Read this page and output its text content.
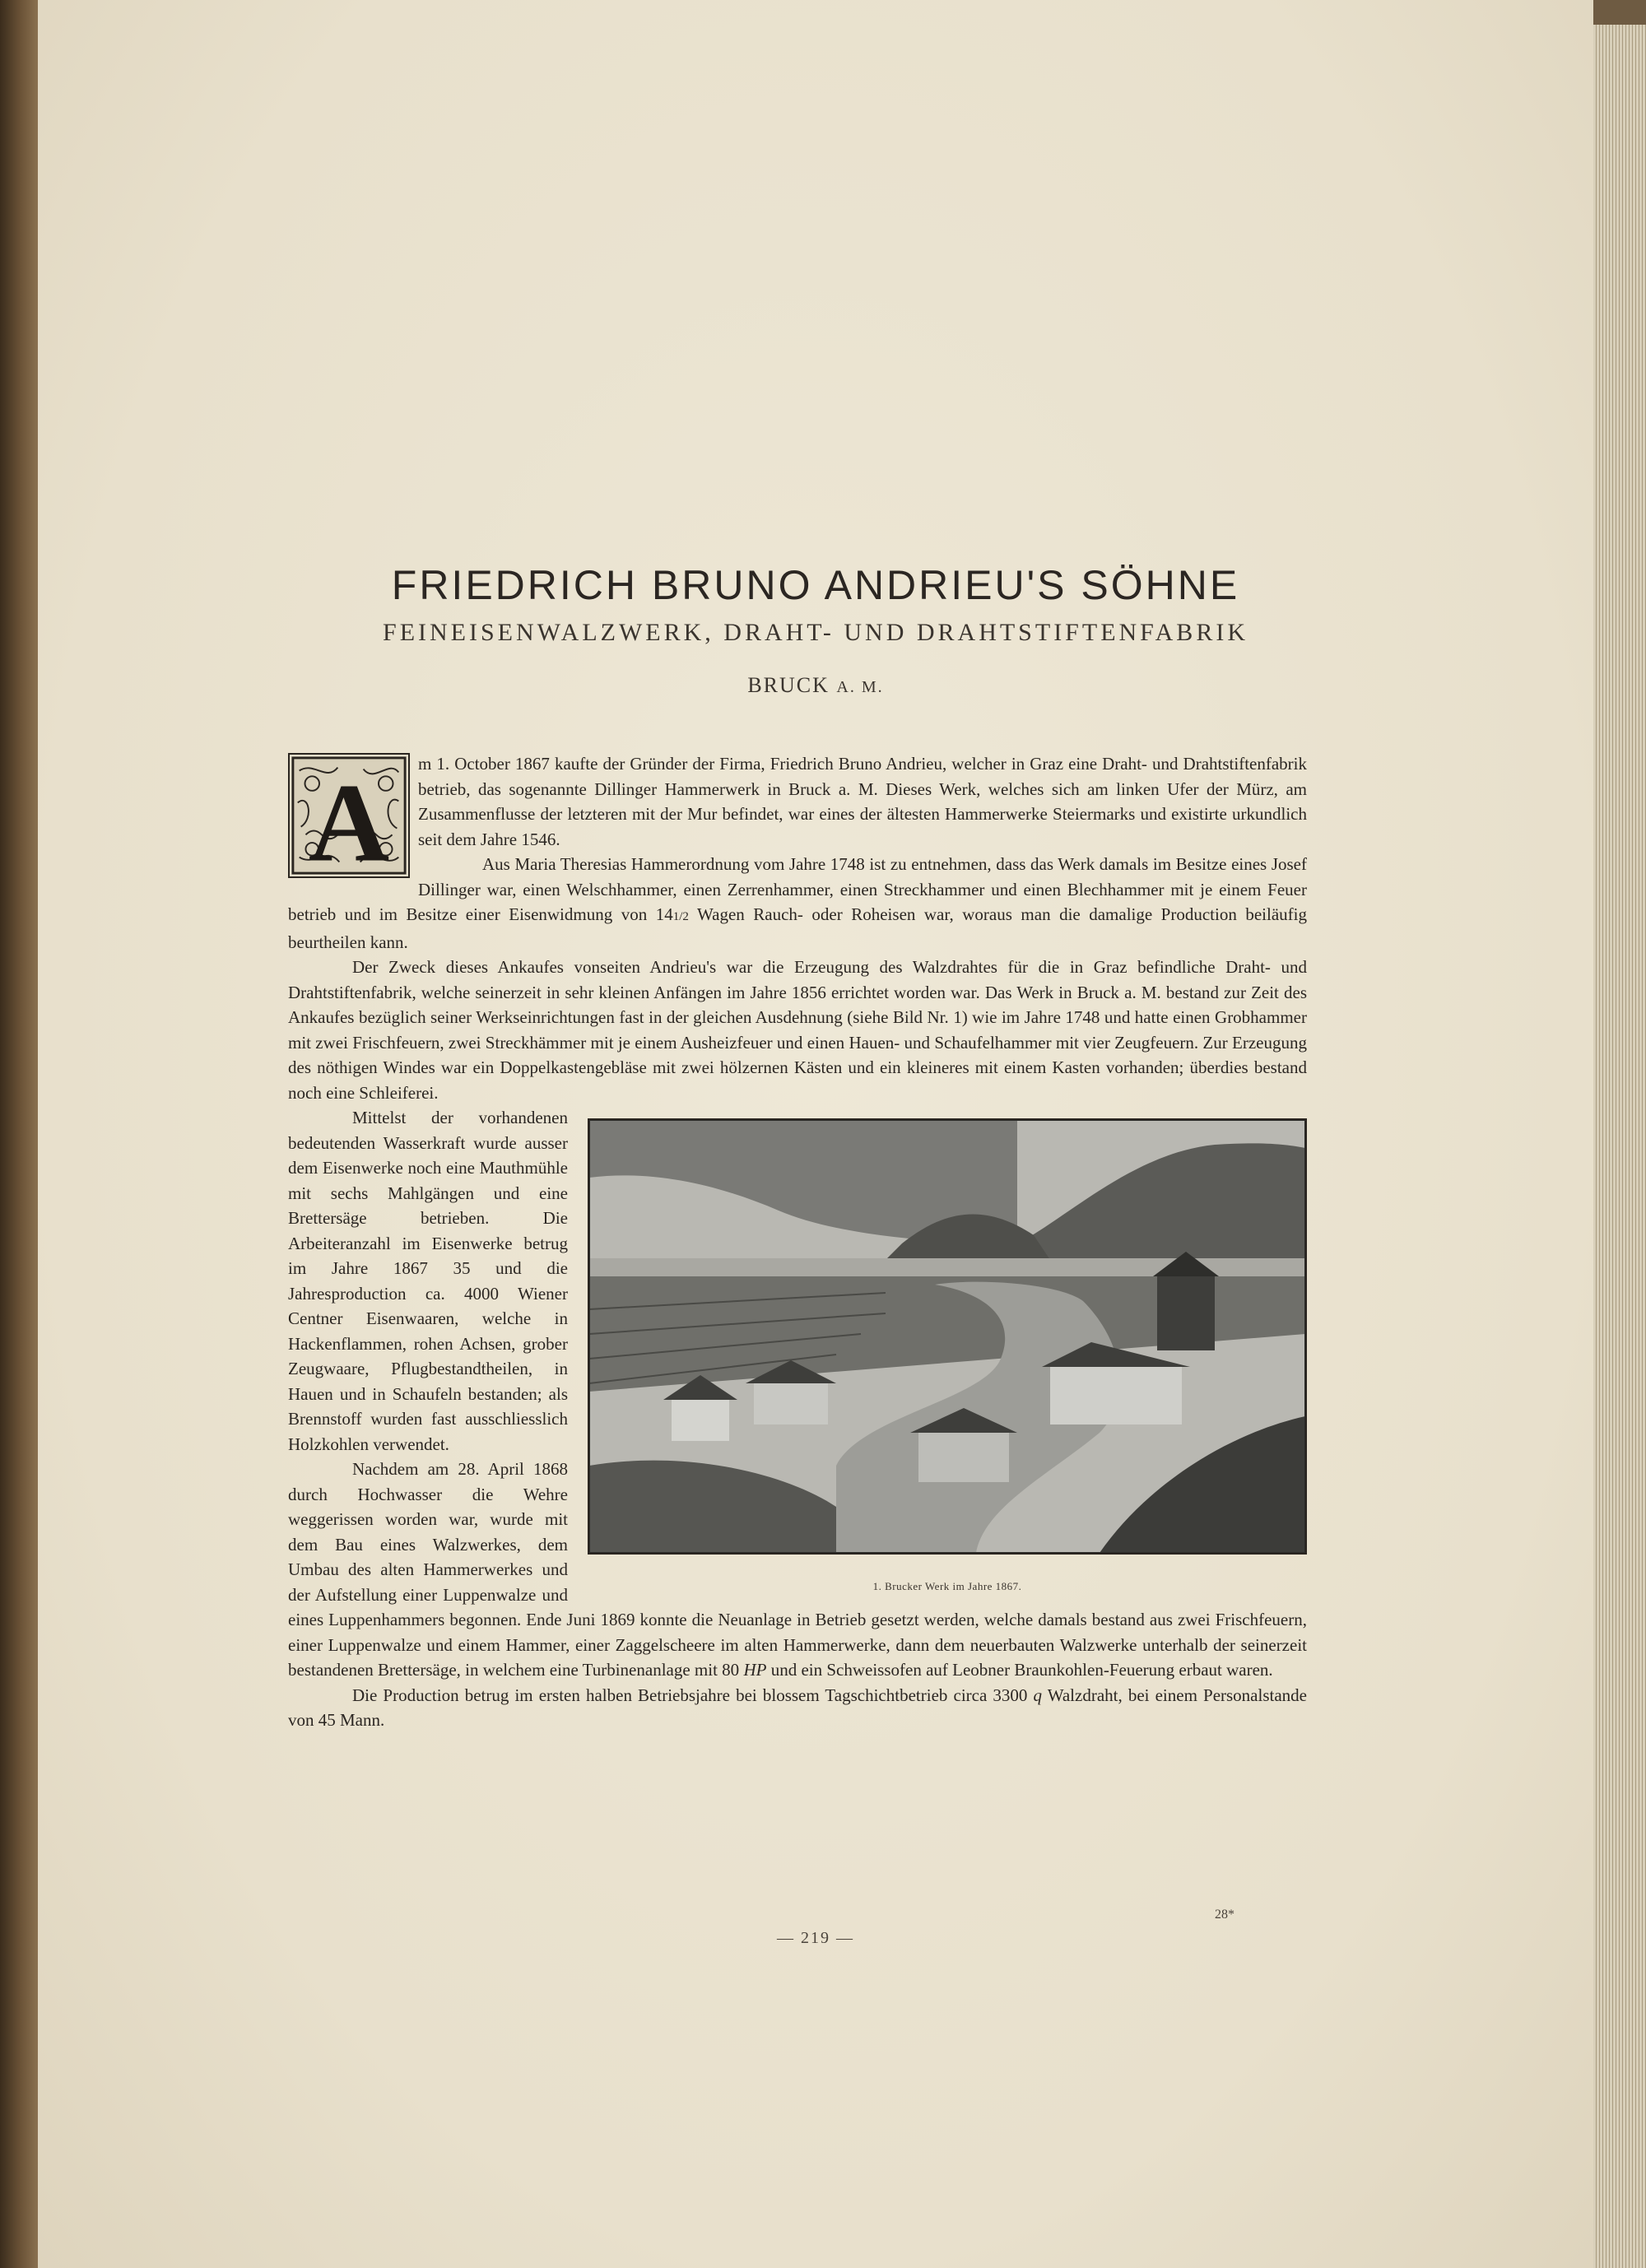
FRIEDRICH BRUNO ANDRIEU'S SÖHNE
FEINEISENWALZWERK, DRAHT- UND DRAHTSTIFTENFABRIK
BRUCK A. M.
A	m 1. October 1867 kaufte der Gründer der Firma, Friedrich Bruno Andrieu, welcher in Graz eine Draht- und Drahtstiftenfabrik betrieb, das sogenannte Dillinger Hammerwerk in Bruck a. M. Dieses Werk, welches sich am linken Ufer der Mürz, am Zusammenflusse der letzteren mit der Mur befindet, war eines der ältesten Hammerwerke Steiermarks und existirte urkundlich seit dem Jahre 1546.

Aus Maria Theresias Hammerordnung vom Jahre 1748 ist zu entnehmen, dass das Werk damals im Besitze eines Josef Dillinger war, einen Welschhammer, einen Zerrenhammer, einen Streckhammer und einen Blechhammer mit je einem Feuer betrieb und im Besitze einer Eisenwidmung von 141/2 Wagen Rauch- oder Roheisen war, woraus man die damalige Production beiläufig beurtheilen kann.

Der Zweck dieses Ankaufes vonseiten Andrieu's war die Erzeugung des Walzdrahtes für die in Graz befindliche Draht- und Drahtstiftenfabrik, welche seinerzeit in sehr kleinen Anfängen im Jahre 1856 errichtet worden war. Das Werk in Bruck a. M. bestand zur Zeit des Ankaufes bezüglich seiner Werkseinrichtungen fast in der gleichen Ausdehnung (siehe Bild Nr. 1) wie im Jahre 1748 und hatte einen Grobhammer mit zwei Frischfeuern, zwei Streckhämmer mit je einem Ausheizfeuer und einen Hauen- und Schaufelhammer mit vier Zeugfeuern. Zur Erzeugung des nöthigen Windes war ein Doppelkastengebläse mit zwei hölzernen Kästen und ein kleineres mit einem Kasten vorhanden; überdies bestand noch eine Schleiferei.

1. Brucker Werk im Jahre 1867.

Mittelst der vorhandenen bedeutenden Wasserkraft wurde ausser dem Eisenwerke noch eine Mauthmühle mit sechs Mahlgängen und eine Brettersäge betrieben. Die Arbeiteranzahl im Eisenwerke betrug im Jahre 1867 35 und die Jahresproduction ca. 4000 Wiener Centner Eisenwaaren, welche in Hackenflammen, rohen Achsen, grober Zeugwaare, Pflugbestandtheilen, in Hauen und in Schaufeln bestanden; als Brennstoff wurden fast ausschliesslich Holzkohlen verwendet.

Nachdem am 28. April 1868 durch Hochwasser die Wehre weggerissen worden war, wurde mit dem Bau eines Walzwerkes, dem Umbau des alten Hammerwerkes und der Aufstellung einer Luppenwalze und eines Luppenhammers begonnen. Ende Juni 1869 konnte die Neuanlage in Betrieb gesetzt werden, welche damals bestand aus zwei Frischfeuern, einer Luppenwalze und einem Hammer, einer Zaggelscheere im alten Hammerwerke, dann dem neuerbauten Walzwerke unterhalb der seinerzeit bestandenen Brettersäge, in welchem eine Turbinenanlage mit 80 HP und ein Schweissofen auf Leobner Braunkohlen-Feuerung erbaut waren.

Die Production betrug im ersten halben Betriebsjahre bei blossem Tagschichtbetrieb circa 3300 q Walzdraht, bei einem Personalstande von 45 Mann.

28*
— 219 —
